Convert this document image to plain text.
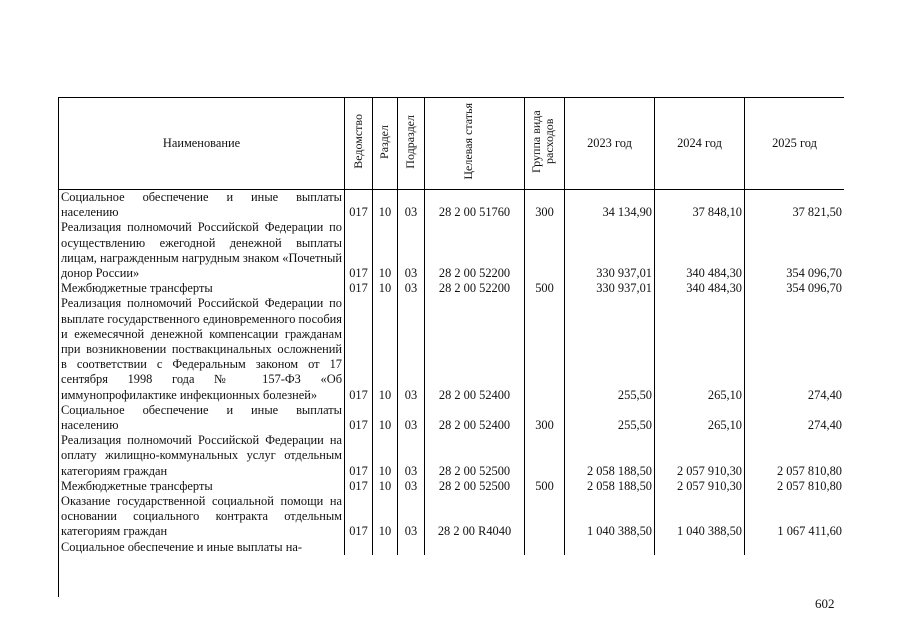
Наименование	Ведомство	Раздел	Подраздел	Целевая статья	Группа вида расходов	2023 год	2024 год	2025 год
Социальное обеспечение и иные выплаты населению	017	10	03	28 2 00 51760	300	34 134,90	37 848,10	37 821,50
Реализация полномочий Российской Федерации по осуществлению ежегодной денежной выплаты лицам, награжденным нагрудным знаком «Почетный донор России»	017	10	03	28 2 00 52200		330 937,01	340 484,30	354 096,70
Межбюджетные трансферты	017	10	03	28 2 00 52200	500	330 937,01	340 484,30	354 096,70
Реализация полномочий Российской Федерации по выплате государственного единовременного пособия и ежемесячной денежной компенсации гражданам при возникновении поствакцинальных осложнений в соответствии с Федеральным законом от 17 сентября 1998 года № 157-ФЗ «Об иммунопрофилактике инфекционных болезней»	017	10	03	28 2 00 52400		255,50	265,10	274,40
Социальное обеспечение и иные выплаты населению	017	10	03	28 2 00 52400	300	255,50	265,10	274,40
Реализация полномочий Российской Федерации на оплату жилищно-коммунальных услуг отдельным категориям граждан	017	10	03	28 2 00 52500		2 058 188,50	2 057 910,30	2 057 810,80
Межбюджетные трансферты	017	10	03	28 2 00 52500	500	2 058 188,50	2 057 910,30	2 057 810,80
Оказание государственной социальной помощи на основании социального контракта отдельным категориям граждан	017	10	03	28 2 00 R4040		1 040 388,50	1 040 388,50	1 067 411,60
Социальное обеспечение и иные выплаты на-								
602
